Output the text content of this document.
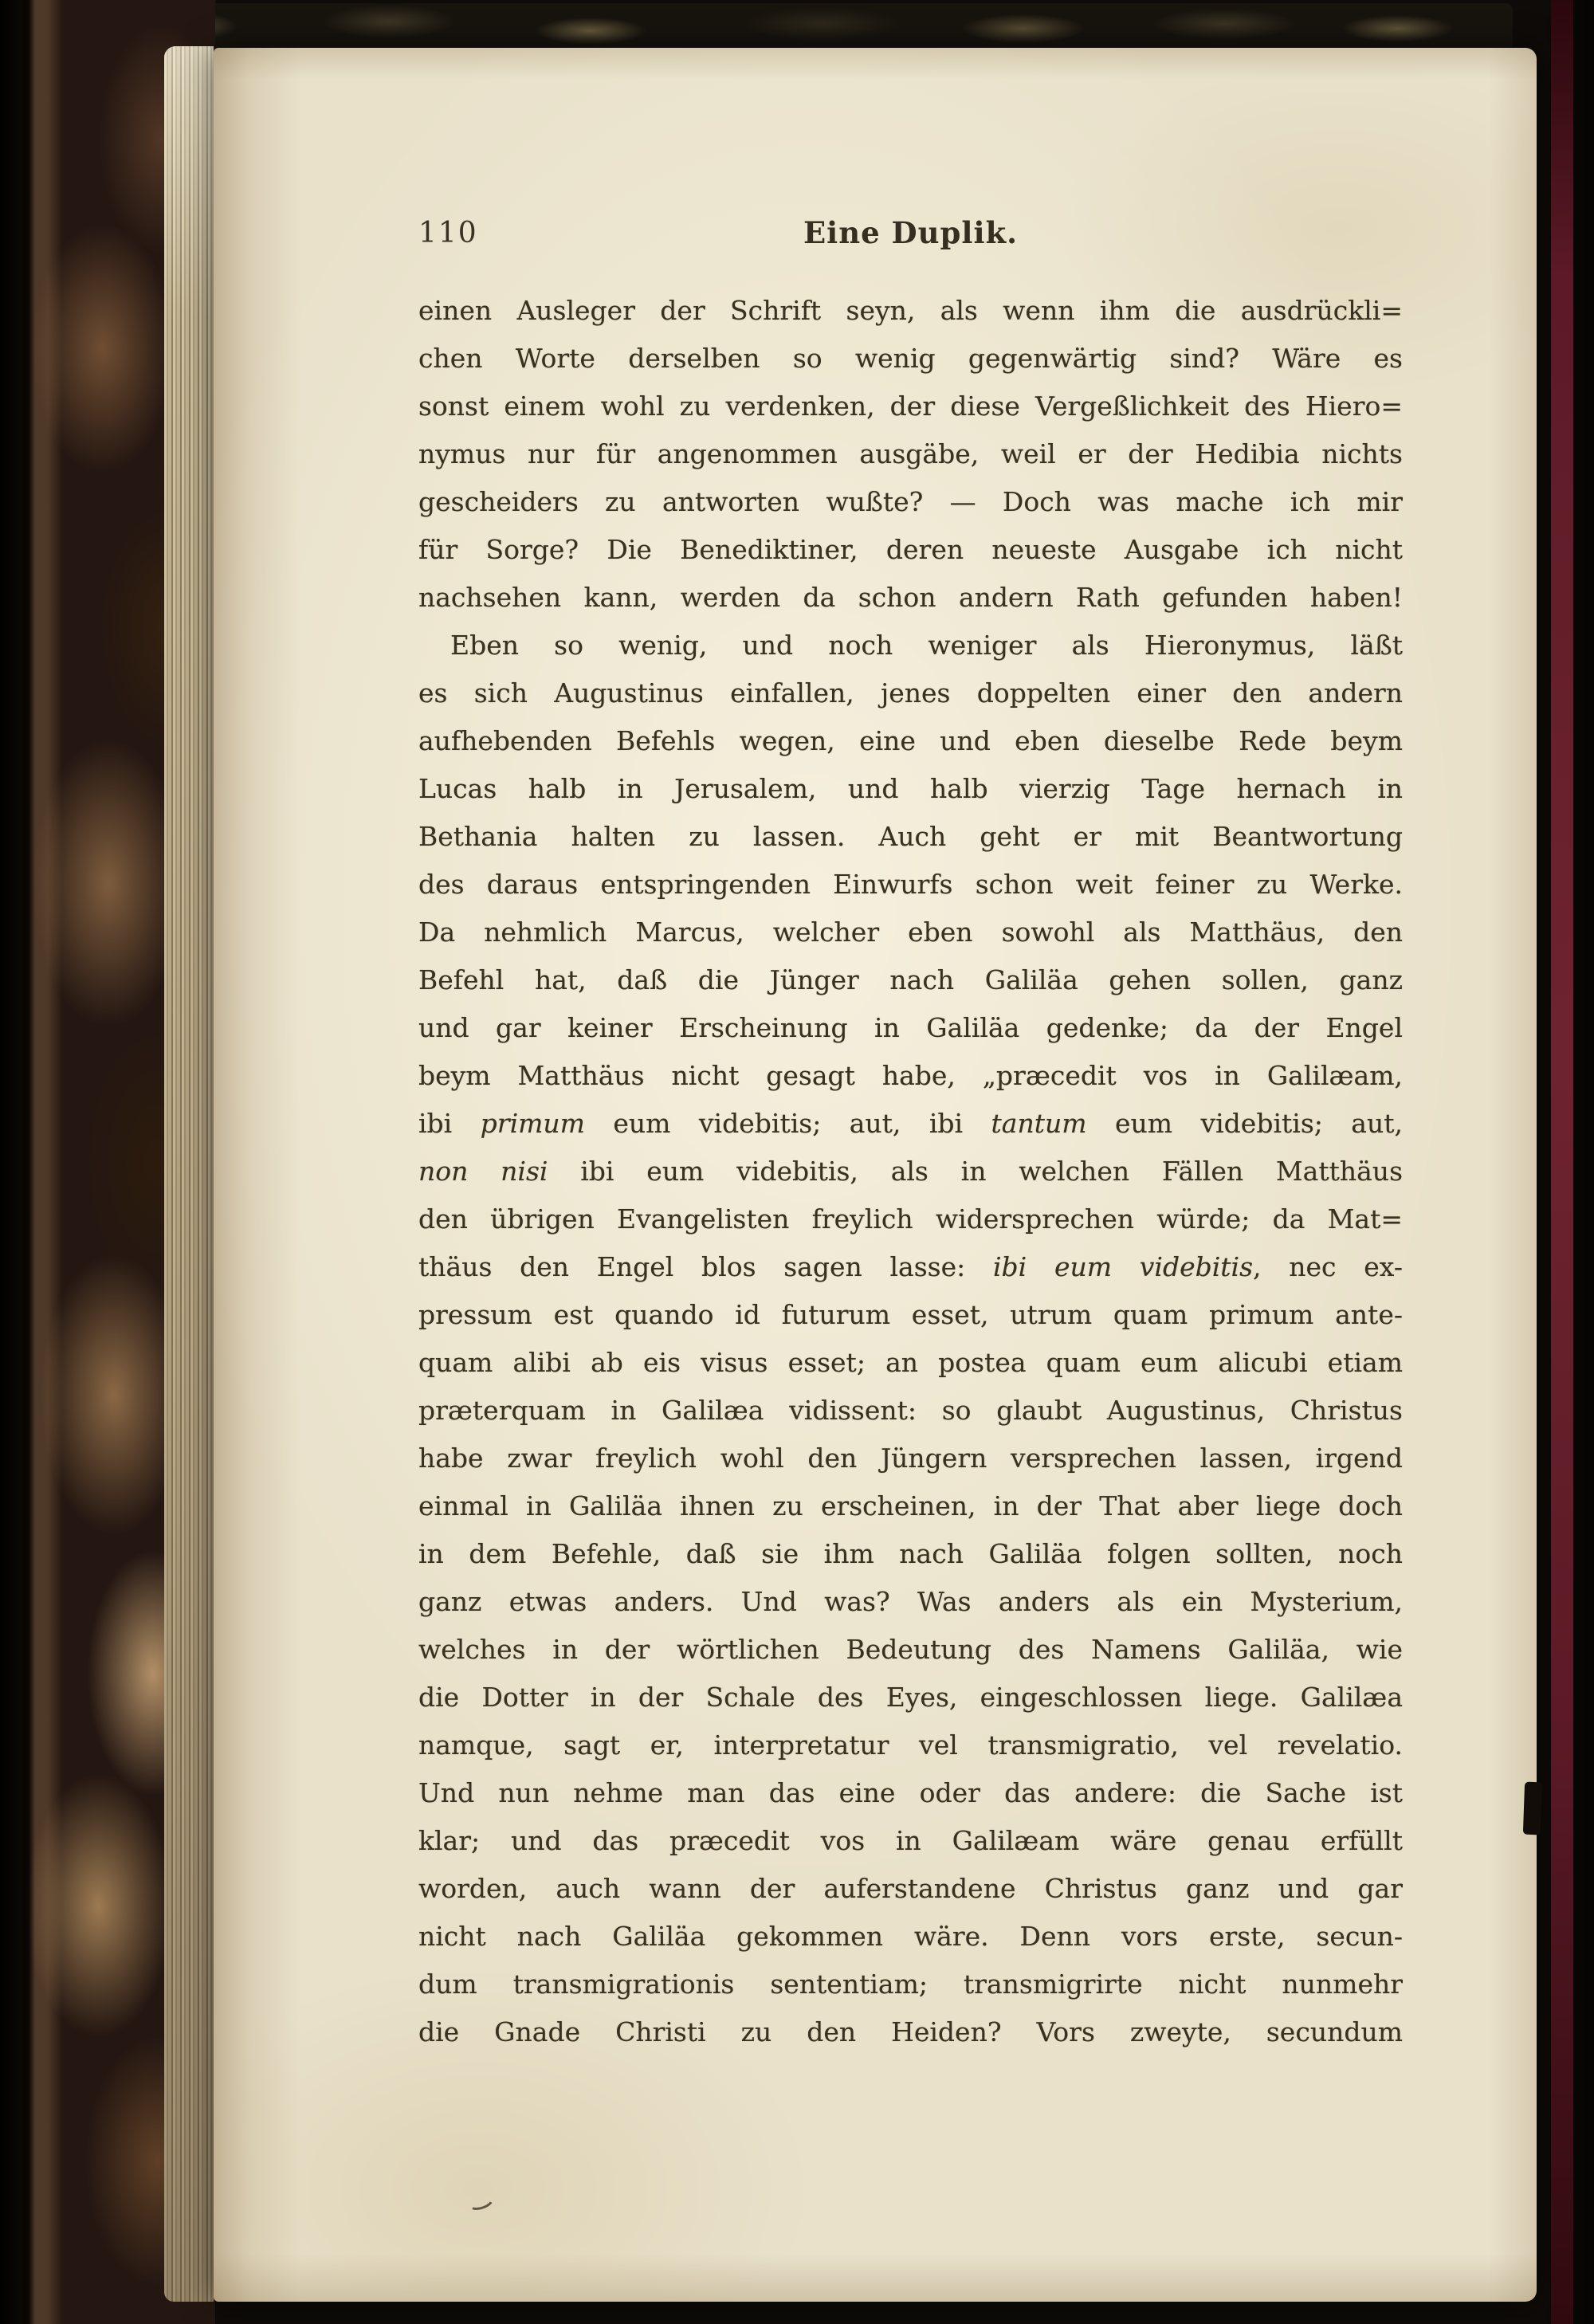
110	Eine Duplik.
einen Ausleger der Schrift seyn, als wenn ihm die ausdrückli=
chen Worte derselben so wenig gegenwärtig sind? Wäre es
sonst einem wohl zu verdenken, der diese Vergeßlichkeit des Hiero=
nymus nur für angenommen ausgäbe, weil er der Hedibia nichts
gescheiders zu antworten wußte? — Doch was mache ich mir
für Sorge? Die Benediktiner, deren neueste Ausgabe ich nicht
nachsehen kann, werden da schon andern Rath gefunden haben!
Eben so wenig, und noch weniger als Hieronymus, läßt
es sich Augustinus einfallen, jenes doppelten einer den andern
aufhebenden Befehls wegen, eine und eben dieselbe Rede beym
Lucas halb in Jerusalem, und halb vierzig Tage hernach in
Bethania halten zu lassen. Auch geht er mit Beantwortung
des daraus entspringenden Einwurfs schon weit feiner zu Werke.
Da nehmlich Marcus, welcher eben sowohl als Matthäus, den
Befehl hat, daß die Jünger nach Galiläa gehen sollen, ganz
und gar keiner Erscheinung in Galiläa gedenke; da der Engel
beym Matthäus nicht gesagt habe, „præcedit vos in Galilæam,
ibi primum eum videbitis; aut, ibi tantum eum videbitis; aut,
non nisi ibi eum videbitis, als in welchen Fällen Matthäus
den übrigen Evangelisten freylich widersprechen würde; da Mat=
thäus den Engel blos sagen lasse: ibi eum videbitis, nec ex-
pressum est quando id futurum esset, utrum quam primum ante-
quam alibi ab eis visus esset; an postea quam eum alicubi etiam
præterquam in Galilæa vidissent: so glaubt Augustinus, Christus
habe zwar freylich wohl den Jüngern versprechen lassen, irgend
einmal in Galiläa ihnen zu erscheinen, in der That aber liege doch
in dem Befehle, daß sie ihm nach Galiläa folgen sollten, noch
ganz etwas anders. Und was? Was anders als ein Mysterium,
welches in der wörtlichen Bedeutung des Namens Galiläa, wie
die Dotter in der Schale des Eyes, eingeschlossen liege. Galilæa
namque, sagt er, interpretatur vel transmigratio, vel revelatio.
Und nun nehme man das eine oder das andere: die Sache ist
klar; und das præcedit vos in Galilæam wäre genau erfüllt
worden, auch wann der auferstandene Christus ganz und gar
nicht nach Galiläa gekommen wäre. Denn vors erste, secun-
dum transmigrationis sententiam; transmigrirte nicht nunmehr
die Gnade Christi zu den Heiden? Vors zweyte, secundum
